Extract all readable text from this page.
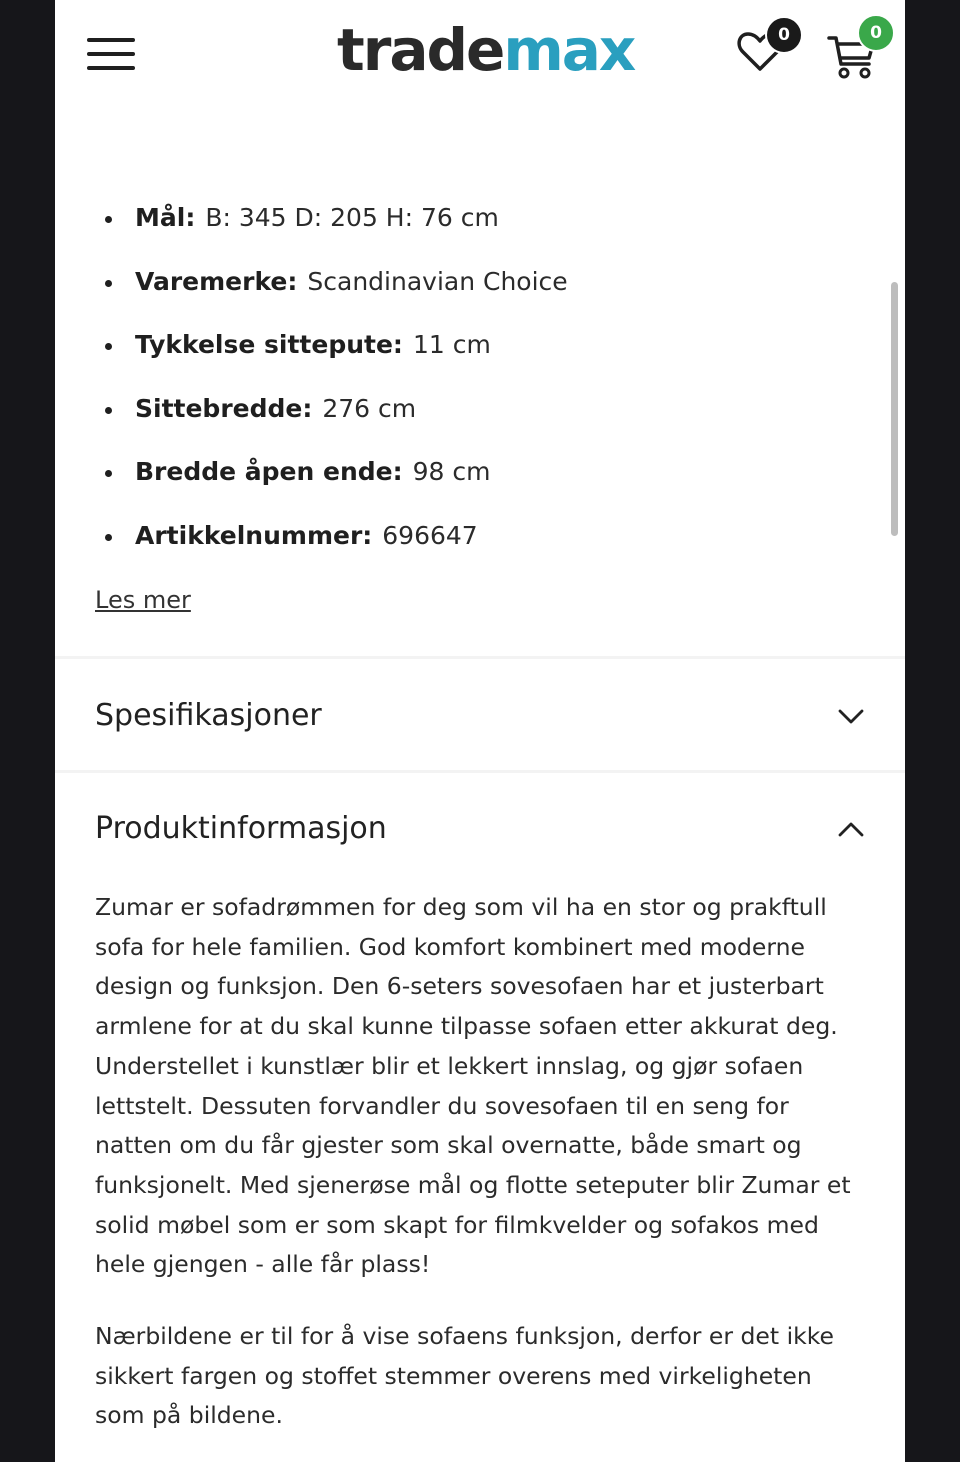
trademax	0	0
Mål: B: 345 D: 205 H: 76 cm
Varemerke: Scandinavian Choice
Tykkelse sittepute: 11 cm
Sittebredde: 276 cm
Bredde åpen ende: 98 cm
Artikkelnummer: 696647
Les mer
Spesifikasjoner
Produktinformasjon

Zumar er sofadrømmen for deg som vil ha en stor og prakftull sofa for hele familien. God komfort kombinert med moderne design og funksjon. Den 6-seters sovesofaen har et justerbart armlene for at du skal kunne tilpasse sofaen etter akkurat deg. Understellet i kunstlær blir et lekkert innslag, og gjør sofaen lettstelt. Dessuten forvandler du sovesofaen til en seng for natten om du får gjester som skal overnatte, både smart og funksjonelt. Med sjenerøse mål og flotte seteputer blir Zumar et solid møbel som er som skapt for filmkvelder og sofakos med hele gjengen - alle får plass!

Nærbildene er til for å vise sofaens funksjon, derfor er det ikke sikkert fargen og stoffet stemmer overens med virkeligheten som på bildene.
